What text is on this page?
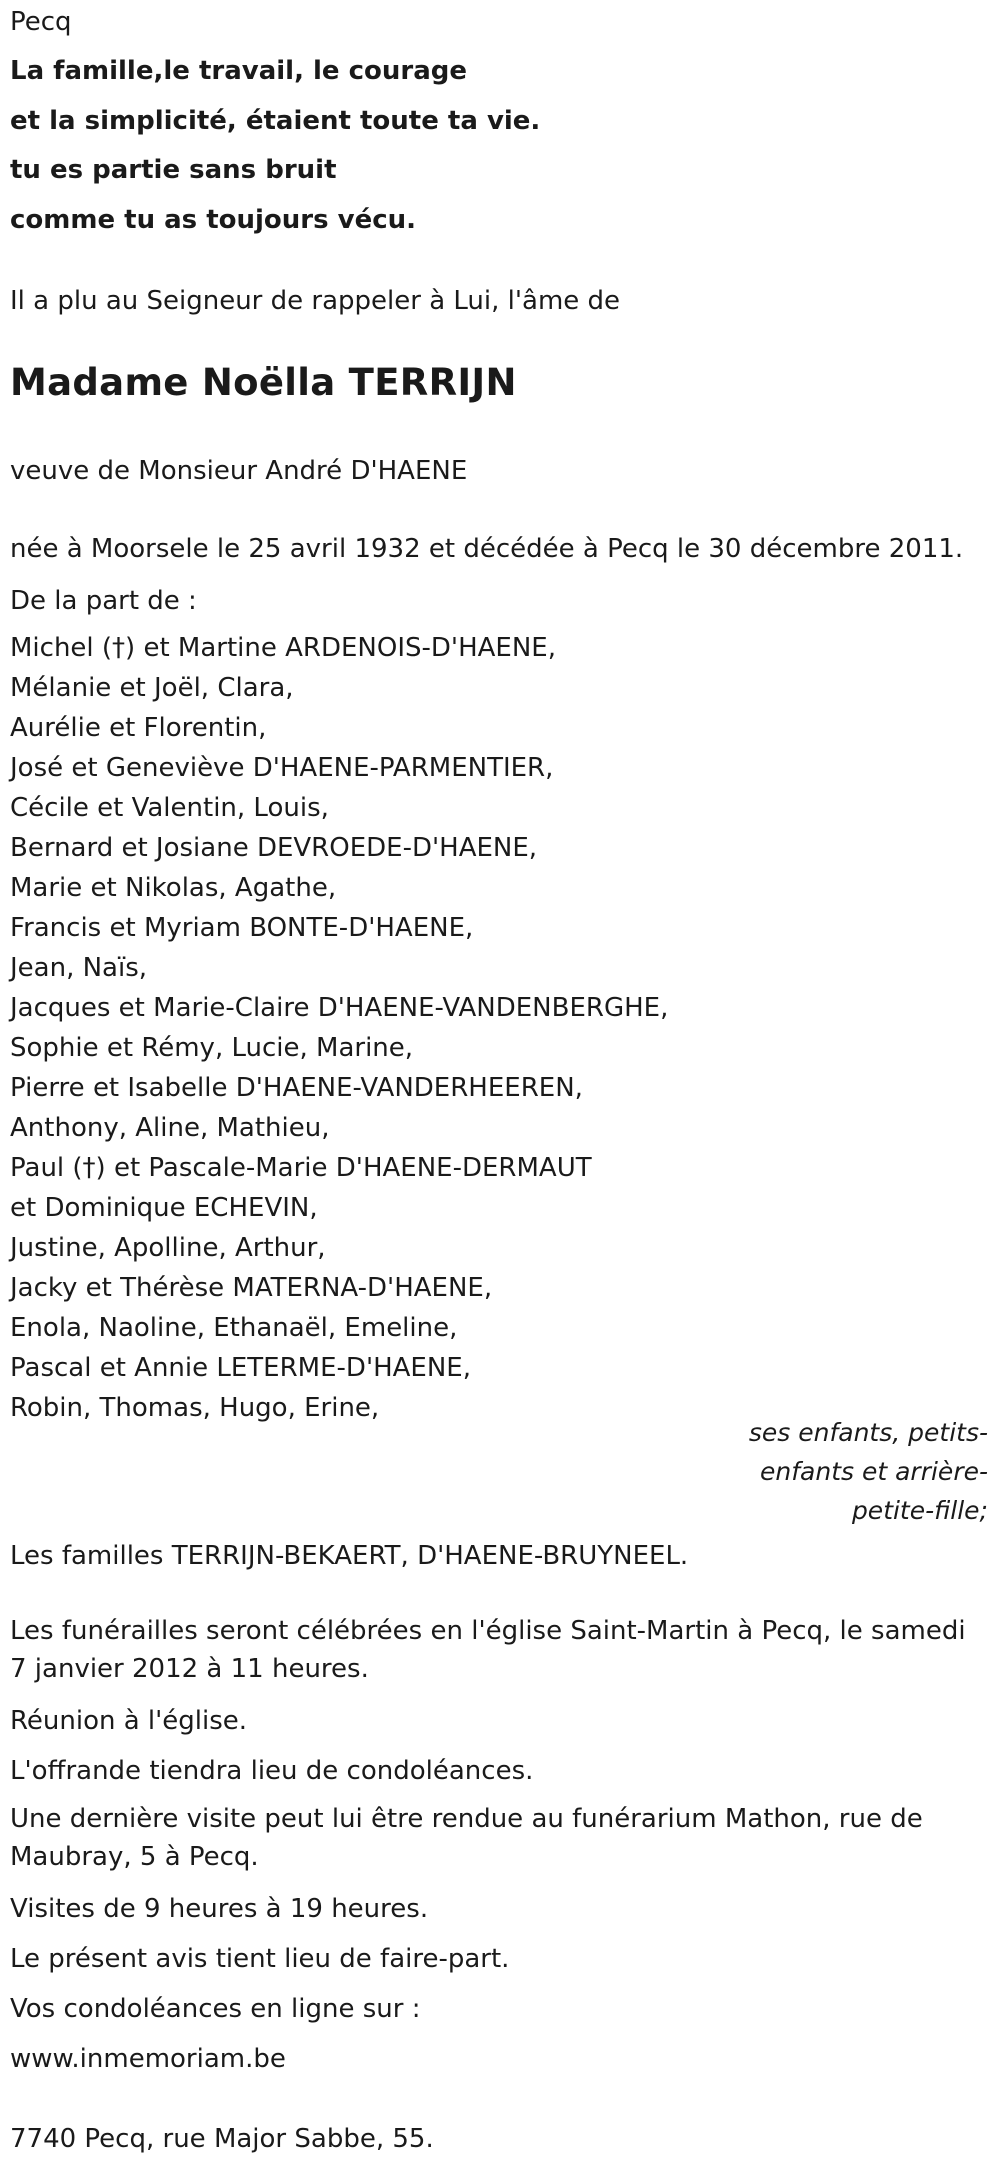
Pecq
La famille,le travail, le courage
et la simplicité, étaient toute ta vie.
tu es partie sans bruit
comme tu as toujours vécu.
Il a plu au Seigneur de rappeler à Lui, l'âme de
Madame Noëlla TERRIJN
veuve de Monsieur André D'HAENE
née à Moorsele le 25 avril 1932 et décédée à Pecq le 30 décembre 2011.
De la part de :
Michel (†) et Martine ARDENOIS-D'HAENE,
Mélanie et Joël, Clara,
Aurélie et Florentin,
José et Geneviève D'HAENE-PARMENTIER,
Cécile et Valentin, Louis,
Bernard et Josiane DEVROEDE-D'HAENE,
Marie et Nikolas, Agathe,
Francis et Myriam BONTE-D'HAENE,
Jean, Naïs,
Jacques et Marie-Claire D'HAENE-VANDENBERGHE,
Sophie et Rémy, Lucie, Marine,
Pierre et Isabelle D'HAENE-VANDERHEEREN,
Anthony, Aline, Mathieu,
Paul (†) et Pascale-Marie D'HAENE-DERMAUT
et Dominique ECHEVIN,
Justine, Apolline, Arthur,
Jacky et Thérèse MATERNA-D'HAENE,
Enola, Naoline, Ethanaël, Emeline,
Pascal et Annie LETERME-D'HAENE,
Robin, Thomas, Hugo, Erine,
ses enfants, petits-
enfants et arrière-
petite-fille;
Les familles TERRIJN-BEKAERT, D'HAENE-BRUYNEEL.
Les funérailles seront célébrées en l'église Saint-Martin à Pecq, le samedi 7 janvier 2012 à 11 heures.
Réunion à l'église.
L'offrande tiendra lieu de condoléances.
Une dernière visite peut lui être rendue au funérarium Mathon, rue de Maubray, 5 à Pecq.
Visites de 9 heures à 19 heures.
Le présent avis tient lieu de faire-part.
Vos condoléances en ligne sur :
www.inmemoriam.be
7740 Pecq, rue Major Sabbe, 55.
